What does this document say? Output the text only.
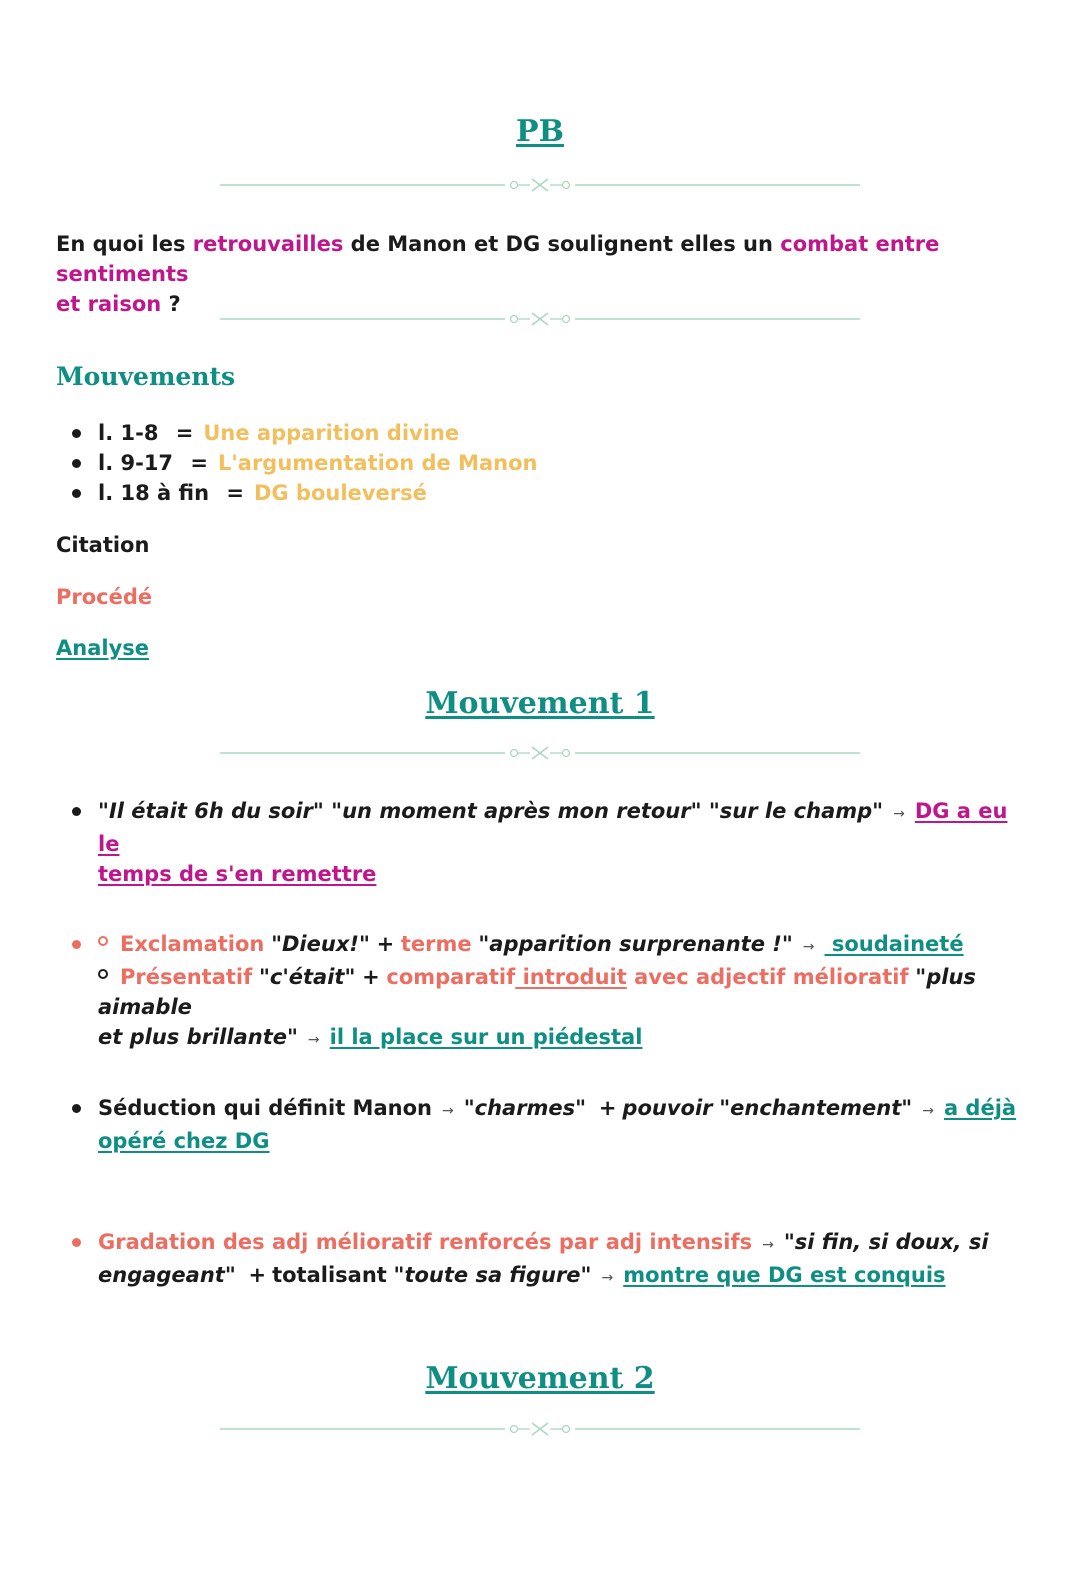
PB
En quoi les retrouvailles de Manon et DG soulignent elles un combat entre sentiments
et raison ?
Mouvements
l. 1-8 = Une apparition divine
l. 9-17 = L'argumentation de Manon
l. 18 à fin = DG bouleversé
Citation
Procédé
Analyse
Mouvement 1
"Il était 6h du soir" "un moment après mon retour" "sur le champ" → DG a eu le
temps de s'en remettre
Exclamation "Dieux!" + terme "apparition surprenante !" → soudaineté
Présentatif "c'était" + comparatif introduit avec adjectif mélioratif "plus aimable
et plus brillante" → il la place sur un piédestal
Séduction qui définit Manon → "charmes" + pouvoir "enchantement" → a déjà
opéré chez DG
Gradation des adj mélioratif renforcés par adj intensifs → "si fin, si doux, si
engageant" + totalisant "toute sa figure" → montre que DG est conquis
Mouvement 2
